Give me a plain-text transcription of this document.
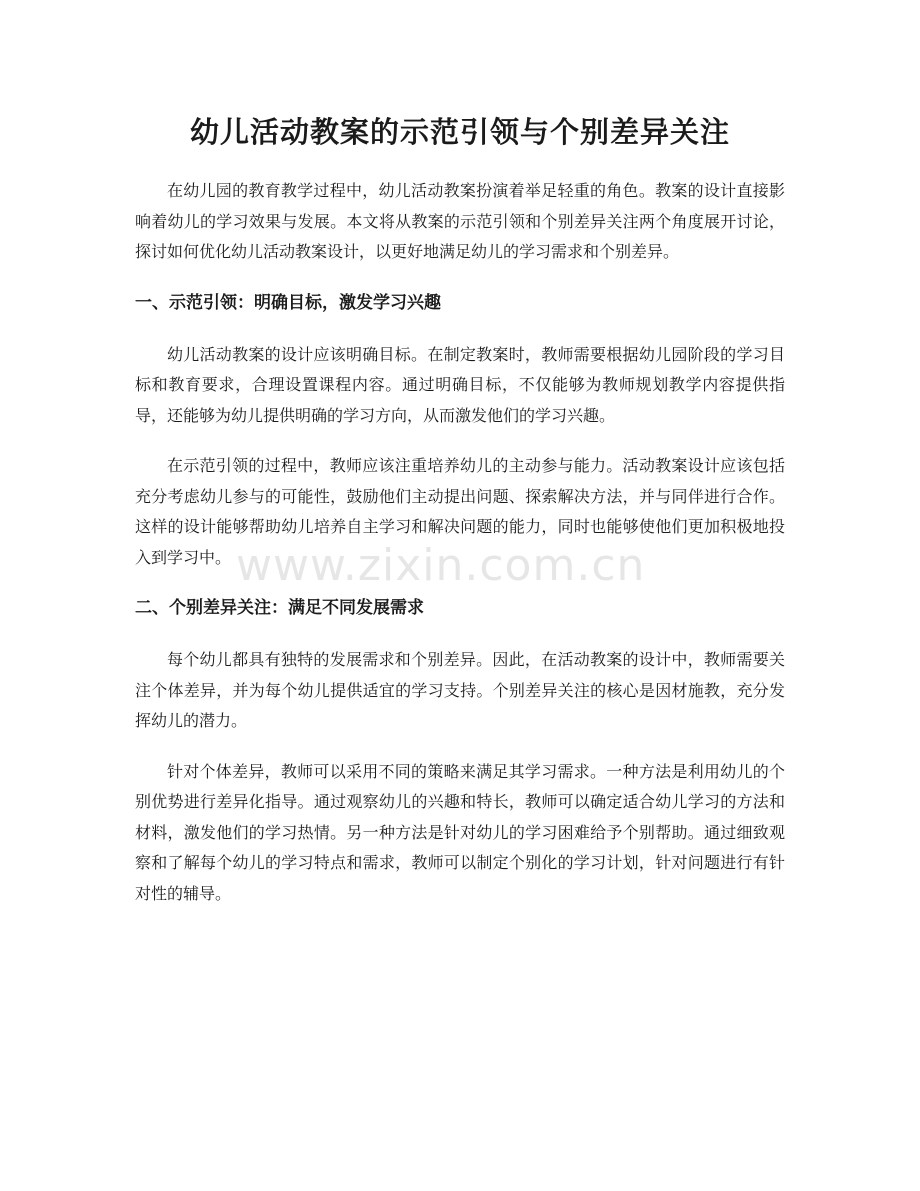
www.zixin.com.cn
幼儿活动教案的示范引领与个别差异关注

在幼儿园的教育教学过程中，幼儿活动教案扮演着举足轻重的角色。教案的设计直接影响着幼儿的学习效果与发展。本文将从教案的示范引领和个别差异关注两个角度展开讨论，探讨如何优化幼儿活动教案设计，以更好地满足幼儿的学习需求和个别差异。

一、示范引领：明确目标，激发学习兴趣

幼儿活动教案的设计应该明确目标。在制定教案时，教师需要根据幼儿园阶段的学习目标和教育要求，合理设置课程内容。通过明确目标，不仅能够为教师规划教学内容提供指导，还能够为幼儿提供明确的学习方向，从而激发他们的学习兴趣。

在示范引领的过程中，教师应该注重培养幼儿的主动参与能力。活动教案设计应该包括充分考虑幼儿参与的可能性，鼓励他们主动提出问题、探索解决方法，并与同伴进行合作。这样的设计能够帮助幼儿培养自主学习和解决问题的能力，同时也能够使他们更加积极地投入到学习中。

二、个别差异关注：满足不同发展需求

每个幼儿都具有独特的发展需求和个别差异。因此，在活动教案的设计中，教师需要关注个体差异，并为每个幼儿提供适宜的学习支持。个别差异关注的核心是因材施教，充分发挥幼儿的潜力。

针对个体差异，教师可以采用不同的策略来满足其学习需求。一种方法是利用幼儿的个别优势进行差异化指导。通过观察幼儿的兴趣和特长，教师可以确定适合幼儿学习的方法和材料，激发他们的学习热情。另一种方法是针对幼儿的学习困难给予个别帮助。通过细致观察和了解每个幼儿的学习特点和需求，教师可以制定个别化的学习计划，针对问题进行有针对性的辅导。
